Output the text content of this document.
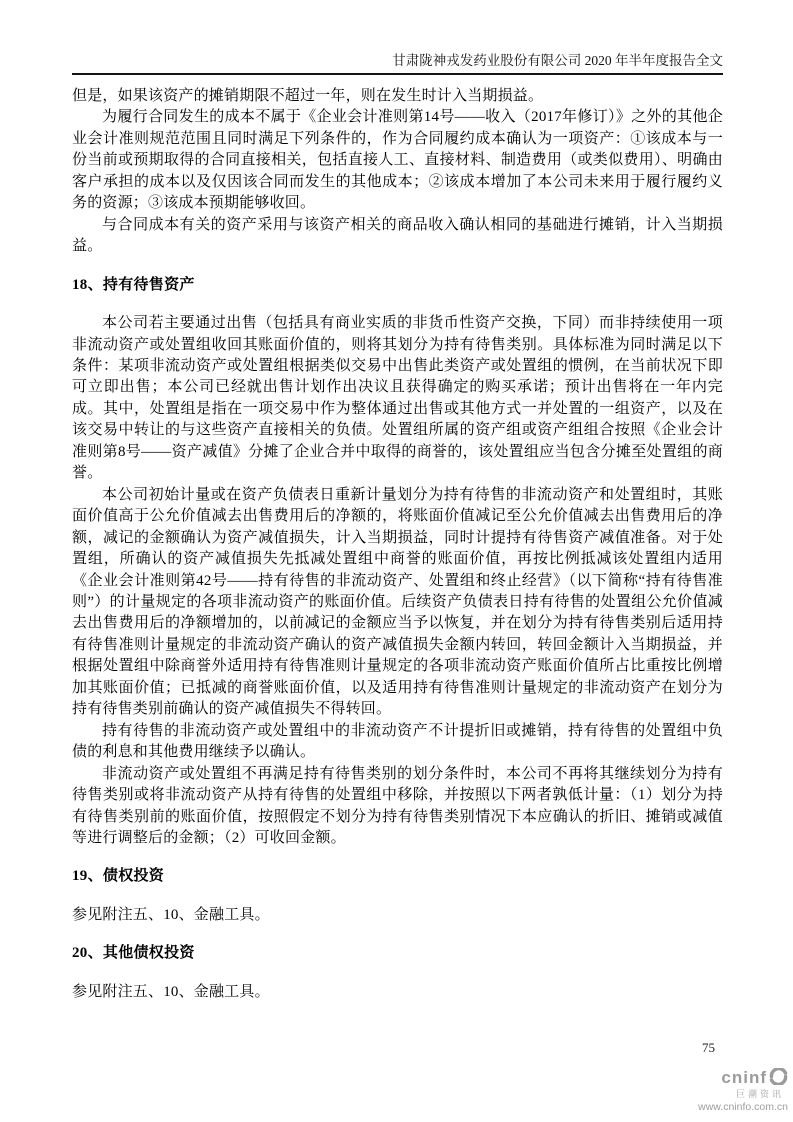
甘肃陇神戎发药业股份有限公司 2020 年半年度报告全文

但是，如果该资产的摊销期限不超过一年，则在发生时计入当期损益。

为履行合同发生的成本不属于《企业会计准则第14号——收入（2017年修订）》之外的其他企业会计准则规范范围且同时满足下列条件的，作为合同履约成本确认为一项资产：①该成本与一份当前或预期取得的合同直接相关，包括直接人工、直接材料、制造费用（或类似费用）、明确由客户承担的成本以及仅因该合同而发生的其他成本；②该成本增加了本公司未来用于履行履约义务的资源；③该成本预期能够收回。

与合同成本有关的资产采用与该资产相关的商品收入确认相同的基础进行摊销，计入当期损益。

18、持有待售资产

本公司若主要通过出售（包括具有商业实质的非货币性资产交换，下同）而非持续使用一项非流动资产或处置组收回其账面价值的，则将其划分为持有待售类别。具体标准为同时满足以下条件：某项非流动资产或处置组根据类似交易中出售此类资产或处置组的惯例，在当前状况下即可立即出售；本公司已经就出售计划作出决议且获得确定的购买承诺；预计出售将在一年内完成。其中，处置组是指在一项交易中作为整体通过出售或其他方式一并处置的一组资产，以及在该交易中转让的与这些资产直接相关的负债。处置组所属的资产组或资产组组合按照《企业会计准则第8号——资产减值》分摊了企业合并中取得的商誉的，该处置组应当包含分摊至处置组的商誉。

本公司初始计量或在资产负债表日重新计量划分为持有待售的非流动资产和处置组时，其账面价值高于公允价值减去出售费用后的净额的，将账面价值减记至公允价值减去出售费用后的净额，减记的金额确认为资产减值损失，计入当期损益，同时计提持有待售资产减值准备。对于处置组，所确认的资产减值损失先抵减处置组中商誉的账面价值，再按比例抵减该处置组内适用《企业会计准则第42号——持有待售的非流动资产、处置组和终止经营》（以下简称“持有待售准则”）的计量规定的各项非流动资产的账面价值。后续资产负债表日持有待售的处置组公允价值减去出售费用后的净额增加的，以前减记的金额应当予以恢复，并在划分为持有待售类别后适用持有待售准则计量规定的非流动资产确认的资产减值损失金额内转回，转回金额计入当期损益，并根据处置组中除商誉外适用持有待售准则计量规定的各项非流动资产账面价值所占比重按比例增加其账面价值；已抵减的商誉账面价值，以及适用持有待售准则计量规定的非流动资产在划分为持有待售类别前确认的资产减值损失不得转回。

持有待售的非流动资产或处置组中的非流动资产不计提折旧或摊销，持有待售的处置组中负债的利息和其他费用继续予以确认。

非流动资产或处置组不再满足持有待售类别的划分条件时，本公司不再将其继续划分为持有待售类别或将非流动资产从持有待售的处置组中移除，并按照以下两者孰低计量：（1）划分为持有待售类别前的账面价值，按照假定不划分为持有待售类别情况下本应确认的折旧、摊销或减值等进行调整后的金额；（2）可收回金额。

19、债权投资

参见附注五、10、金融工具。

20、其他债权投资

参见附注五、10、金融工具。

75
cninf
巨潮资讯
www.cninfo.com.cn
